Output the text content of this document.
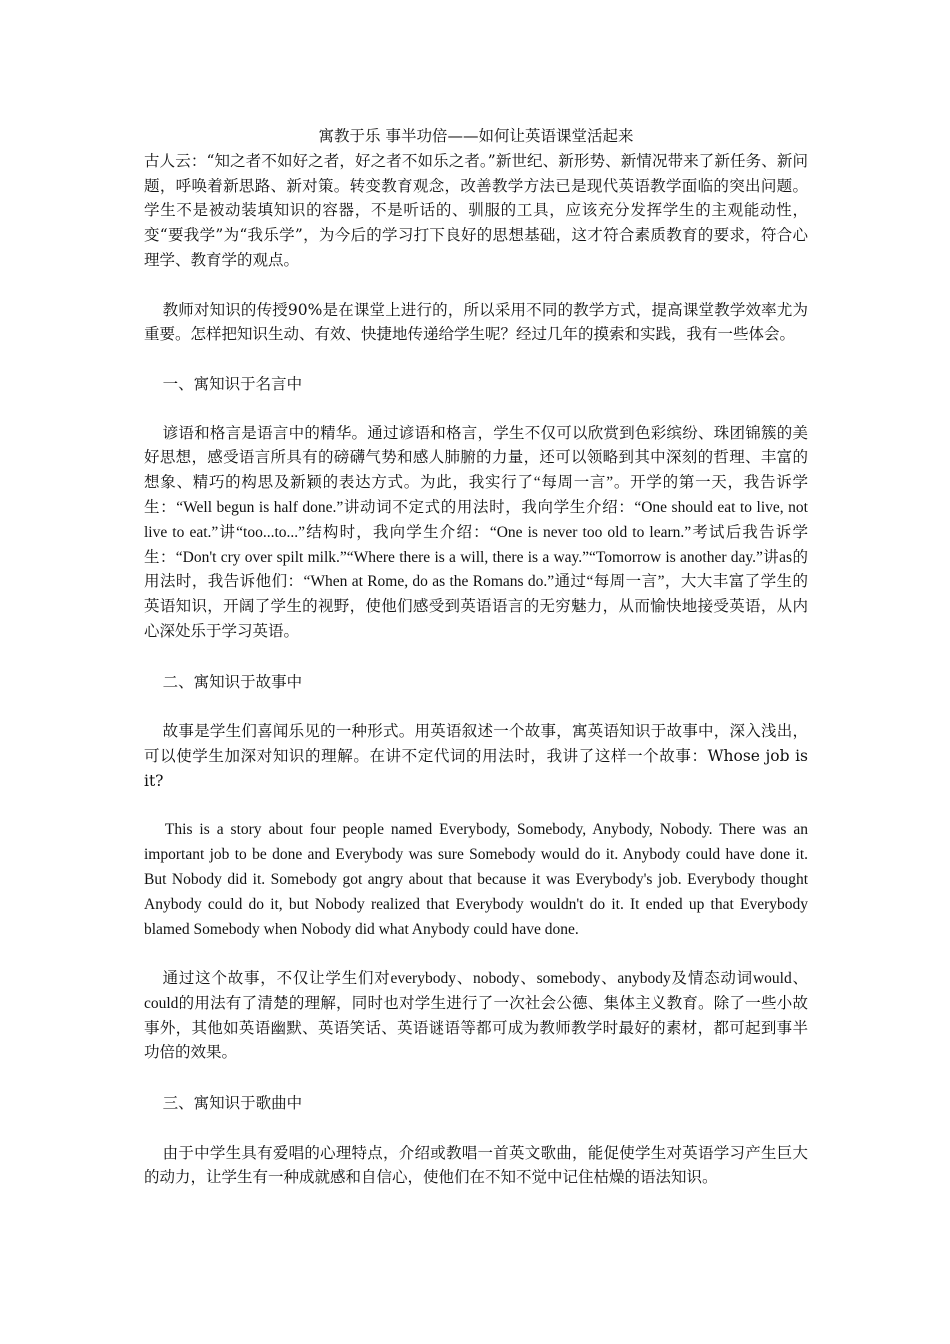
寓教于乐 事半功倍——如何让英语课堂活起来

古人云：“知之者不如好之者，好之者不如乐之者。”新世纪、新形势、新情况带来了新任务、新问题，呼唤着新思路、新对策。转变教育观念，改善教学方法已是现代英语教学面临的突出问题。学生不是被动装填知识的容器，不是听话的、驯服的工具，应该充分发挥学生的主观能动性，变“要我学”为“我乐学”，为今后的学习打下良好的思想基础，这才符合素质教育的要求，符合心理学、教育学的观点。

教师对知识的传授90%是在课堂上进行的，所以采用不同的教学方式，提高课堂教学效率尤为重要。怎样把知识生动、有效、快捷地传递给学生呢？经过几年的摸索和实践，我有一些体会。

一、寓知识于名言中

谚语和格言是语言中的精华。通过谚语和格言，学生不仅可以欣赏到色彩缤纷、珠团锦簇的美好思想，感受语言所具有的磅礴气势和感人肺腑的力量，还可以领略到其中深刻的哲理、丰富的想象、精巧的构思及新颖的表达方式。为此，我实行了“每周一言”。开学的第一天，我告诉学生：“Well begun is half done.”讲动词不定式的用法时，我向学生介绍：“One should eat to live, not live to eat.”讲“too...to...”结构时，我向学生介绍：“One is never too old to learn.”考试后我告诉学生：“Don't cry over spilt milk.”“Where there is a will, there is a way.”“Tomorrow is another day.”讲as的用法时，我告诉他们：“When at Rome, do as the Romans do.”通过“每周一言”，大大丰富了学生的英语知识，开阔了学生的视野，使他们感受到英语语言的无穷魅力，从而愉快地接受英语，从内心深处乐于学习英语。

二、寓知识于故事中

故事是学生们喜闻乐见的一种形式。用英语叙述一个故事，寓英语知识于故事中，深入浅出，可以使学生加深对知识的理解。在讲不定代词的用法时，我讲了这样一个故事：Whose job is it?

This is a story about four people named Everybody, Somebody, Anybody, Nobody. There was an important job to be done and Everybody was sure Somebody would do it. Anybody could have done it. But Nobody did it. Somebody got angry about that because it was Everybody's job. Everybody thought Anybody could do it, but Nobody realized that Everybody wouldn't do it. It ended up that Everybody blamed Somebody when Nobody did what Anybody could have done.

通过这个故事，不仅让学生们对everybody、nobody、somebody、anybody及情态动词would、could的用法有了清楚的理解，同时也对学生进行了一次社会公德、集体主义教育。除了一些小故事外，其他如英语幽默、英语笑话、英语谜语等都可成为教师教学时最好的素材，都可起到事半功倍的效果。

三、寓知识于歌曲中

由于中学生具有爱唱的心理特点，介绍或教唱一首英文歌曲，能促使学生对英语学习产生巨大的动力，让学生有一种成就感和自信心，使他们在不知不觉中记住枯燥的语法知识。
